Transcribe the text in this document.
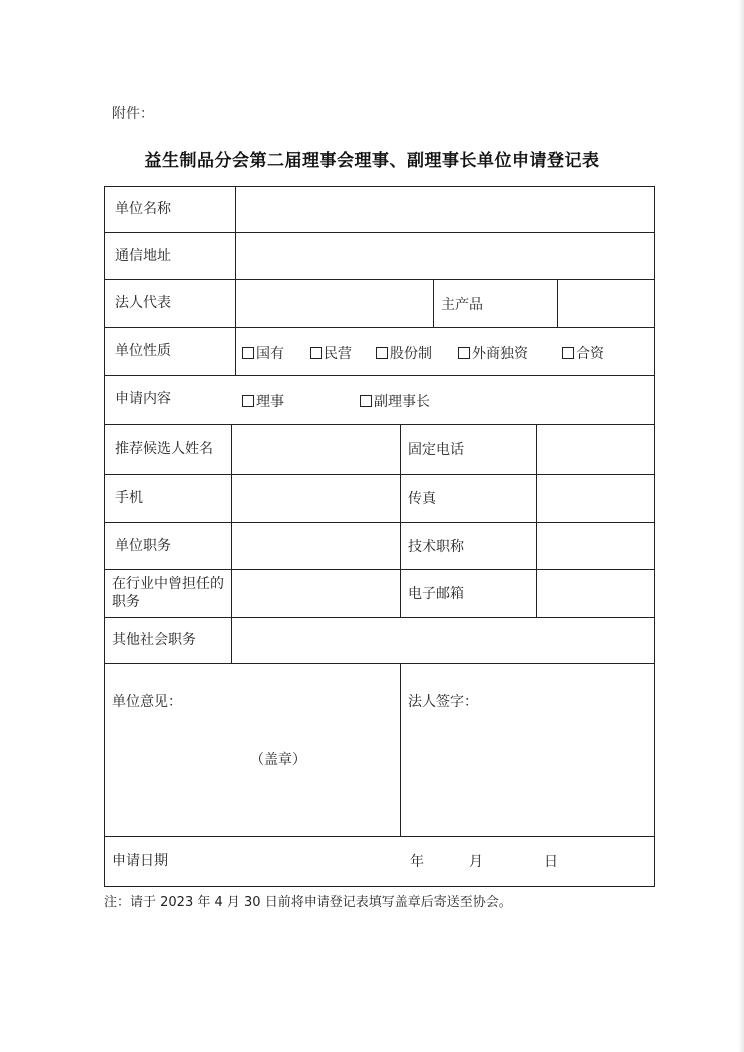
附件：
益生制品分会第二届理事会理事、副理事长单位申请登记表
单位名称
通信地址
法人代表	主产品
单位性质	国有	民营	股份制	外商独资	合资
申请内容	理事	副理事长
推荐候选人姓名	固定电话
手机	传真
单位职务	技术职称
在行业中曾担任的职务	电子邮箱
其他社会职务
单位意见：
（盖章）
法人签字：
申请日期	年	月	日
注：请于 2023 年 4 月 30 日前将申请登记表填写盖章后寄送至协会。
